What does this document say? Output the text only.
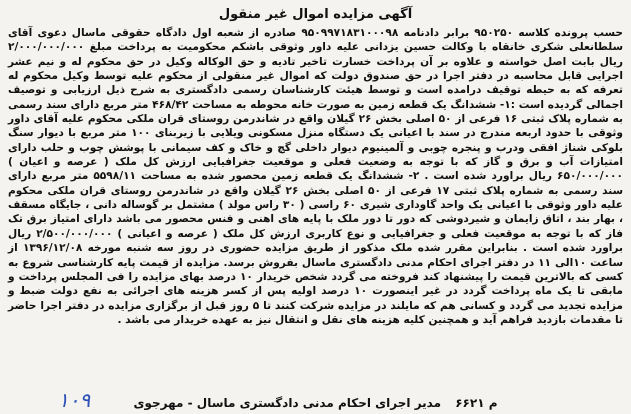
آگهی مزایده اموال غیر منقول

حسب پرونده کلاسه ۹۵۰۲۵۰ برابر دادنامه ۹۵۰۹۹۷۱۸۳۱۰۰۰۹۸ صادره از شعبه اول دادگاه حقوقی ماسال دعوی آقای سلطانعلی شکری خانقاه با وکالت حسین یزدانی علیه داور وثوقی باشکم محکومیت به پرداخت مبلغ ۲/۰۰۰/۰۰۰/۰۰۰ ریال بابت اصل خواسته و علاوه بر آن پرداخت خسارت تاخیر تادیه و حق الوکاله وکیل در حق محکوم له و نیم عشر اجرایی قابل محاسبه در دفتر اجرا در حق صندوق دولت که اموال غیر منقولی از محکوم علیه توسط وکیل محکوم له تعرفه که به حیطه توقیف درامده است و توسط هیئت کارشناسان رسمی دادگستری به شرح ذیل ارزیابی و توصیف اجمالی گردیده است :۱- ششدانگ یک قطعه زمین به صورت خانه محوطه به مساحت ۴۶۸/۴۲ متر مربع دارای سند رسمی به شماره پلاک ثبتی ۱۶ فرعی از ۵۰ اصلی بخش ۲۶ گیلان واقع در شاندرمن روستای قران ملکی محکوم علیه آقای داور وثوقی با حدود اربعه مندرج در سند با اعیانی یک دستگاه منزل مسکونی ویلایی با زیربنای ۱۰۰ متر مربع با دیوار سنگ بلوکی شناژ افقی ودرب و پنجره چوبی و آلمینیوم دیوار داخلی گچ و خاک و کف سیمانی با پوشش چوب و حلب دارای امتیازات آب و برق و گاز که با توجه به وضعیت فعلی و موقعیت جغرافیایی ارزش کل ملک ( عرصه و اعیان ) ۶۵۰/۰۰۰/۰۰۰ ریال براورد شده است . ۲- ششدانگ یک قطعه زمین محصور شده به مساحت ۵۵۹۸/۱۱ متر مربع دارای سند رسمی به شماره پلاک ثبتی ۱۷ فرعی از ۵۰ اصلی بخش ۲۶ گیلان واقع در شاندرمن روستای قران ملکی محکوم علیه داور وثوقی با اعیانی یک واحد گاوداری شیری ۶۰ راسی ( ۳۰ راس مولد ) مشتمل بر گوساله دانی ، جایگاه مسقف ، بهار بند ، اتاق زایمان و شیردوشی که دور تا دور ملک با پایه های اهنی و فنس محصور می باشد دارای امتیاز برق تک فاز که با توجه به موقعیت فعلی و جغرافیایی و نوع کاربری ارزش کل ملک ( عرصه و اعیانی ) ۲/۵۰۰/۰۰۰/۰۰۰ ریال براورد شده است . بنابراین مقرر شده ملک مذکور از طریق مزایده حضوری در روز سه شنبه مورخه ۱۳۹۶/۱۲/۰۸ از ساعت ۱۰الی ۱۱ در دفتر اجرای احکام مدنی دادگستری ماسال بفروش برسد. مزایده از قیمت پایه کارشناسی شروع به کسی که بالاترین قیمت را پیشنهاد کند فروخته می گردد شخص خریدار ۱۰ درصد بهای مزایده را فی المجلس پرداخت و مابقی تا یک ماه پرداخت گردد در غیر اینصورت ۱۰ درصد اولیه پس از کسر هزینه های اجرائی به نفع دولت ضبط و مزایده تجدید می گردد و کسانی هم که مایلند در مزایده شرکت کنند تا ۵ روز قبل از برگزاری مزایده در دفتر اجرا حاضر تا مقدمات بازدید فراهم آید و همچنین کلیه هزینه های نقل و انتقال نیز به عهده خریدار می باشد .

م ۶۶۲۱ مدیر اجرای احکام مدنی دادگستری ماسال - مهرجوی
۱۰۹
